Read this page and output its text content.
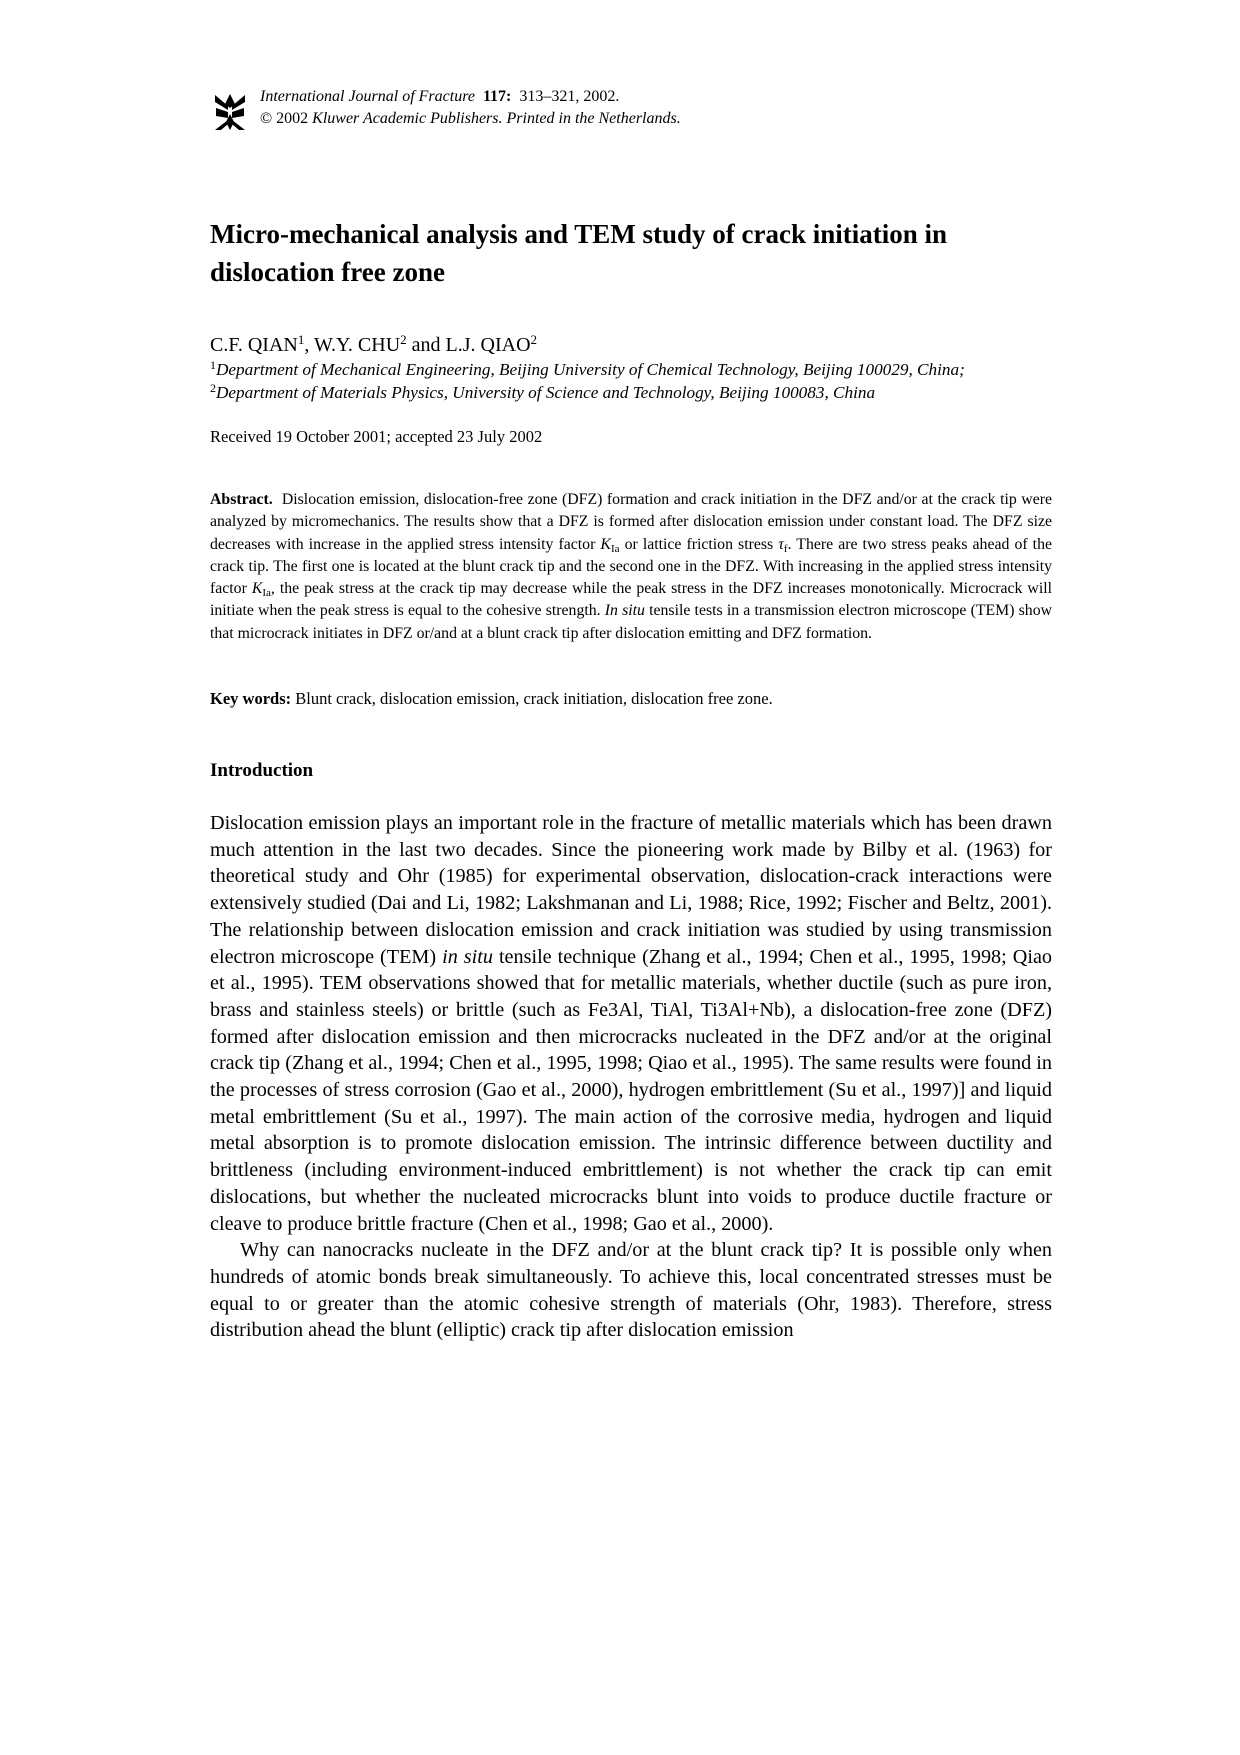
International Journal of Fracture 117: 313–321, 2002.
© 2002 Kluwer Academic Publishers. Printed in the Netherlands.
Micro-mechanical analysis and TEM study of crack initiation in
dislocation free zone
C.F. QIAN$^1$, W.Y. CHU$^2$ and L.J. QIAO$^2$
$^1$Department of Mechanical Engineering, Beijing University of Chemical Technology, Beijing 100029, China;
$^2$Department of Materials Physics, University of Science and Technology, Beijing 100083, China
Received 19 October 2001; accepted 23 July 2002

Abstract. Dislocation emission, dislocation-free zone (DFZ) formation and crack initiation in the DFZ and/or at the crack tip were analyzed by micromechanics. The results show that a DFZ is formed after dislocation emission under constant load. The DFZ size decreases with increase in the applied stress intensity factor $K_{Ia}$ or lattice friction stress $\tau_f$. There are two stress peaks ahead of the crack tip. The first one is located at the blunt crack tip and the second one in the DFZ. With increasing in the applied stress intensity factor $K_{Ia}$, the peak stress at the crack tip may decrease while the peak stress in the DFZ increases monotonically. Microcrack will initiate when the peak stress is equal to the cohesive strength. In situ tensile tests in a transmission electron microscope (TEM) show that microcrack initiates in DFZ or/and at a blunt crack tip after dislocation emitting and DFZ formation.

Key words: Blunt crack, dislocation emission, crack initiation, dislocation free zone.
Introduction

Dislocation emission plays an important role in the fracture of metallic materials which has been drawn much attention in the last two decades. Since the pioneering work made by Bilby et al. (1963) for theoretical study and Ohr (1985) for experimental observation, dislocation-crack interactions were extensively studied (Dai and Li, 1982; Lakshmanan and Li, 1988; Rice, 1992; Fischer and Beltz, 2001). The relationship between dislocation emission and crack initiation was studied by using transmission electron microscope (TEM) in situ tensile technique (Zhang et al., 1994; Chen et al., 1995, 1998; Qiao et al., 1995). TEM observations showed that for metallic materials, whether ductile (such as pure iron, brass and stainless steels) or brittle (such as Fe3Al, TiAl, Ti3Al+Nb), a dislocation-free zone (DFZ) formed after dislocation emission and then microcracks nucleated in the DFZ and/or at the original crack tip (Zhang et al., 1994; Chen et al., 1995, 1998; Qiao et al., 1995). The same results were found in the processes of stress corrosion (Gao et al., 2000), hydrogen embrittlement (Su et al., 1997)] and liquid metal embrittlement (Su et al., 1997). The main action of the corrosive media, hydrogen and liquid metal absorption is to promote dislocation emission. The intrinsic difference between ductility and brittleness (including environment-induced embrittlement) is not whether the crack tip can emit dislocations, but whether the nucleated microcracks blunt into voids to produce ductile fracture or cleave to produce brittle fracture (Chen et al., 1998; Gao et al., 2000).

Why can nanocracks nucleate in the DFZ and/or at the blunt crack tip? It is possible only when hundreds of atomic bonds break simultaneously. To achieve this, local concentrated stresses must be equal to or greater than the atomic cohesive strength of materials (Ohr, 1983). Therefore, stress distribution ahead the blunt (elliptic) crack tip after dislocation emission
